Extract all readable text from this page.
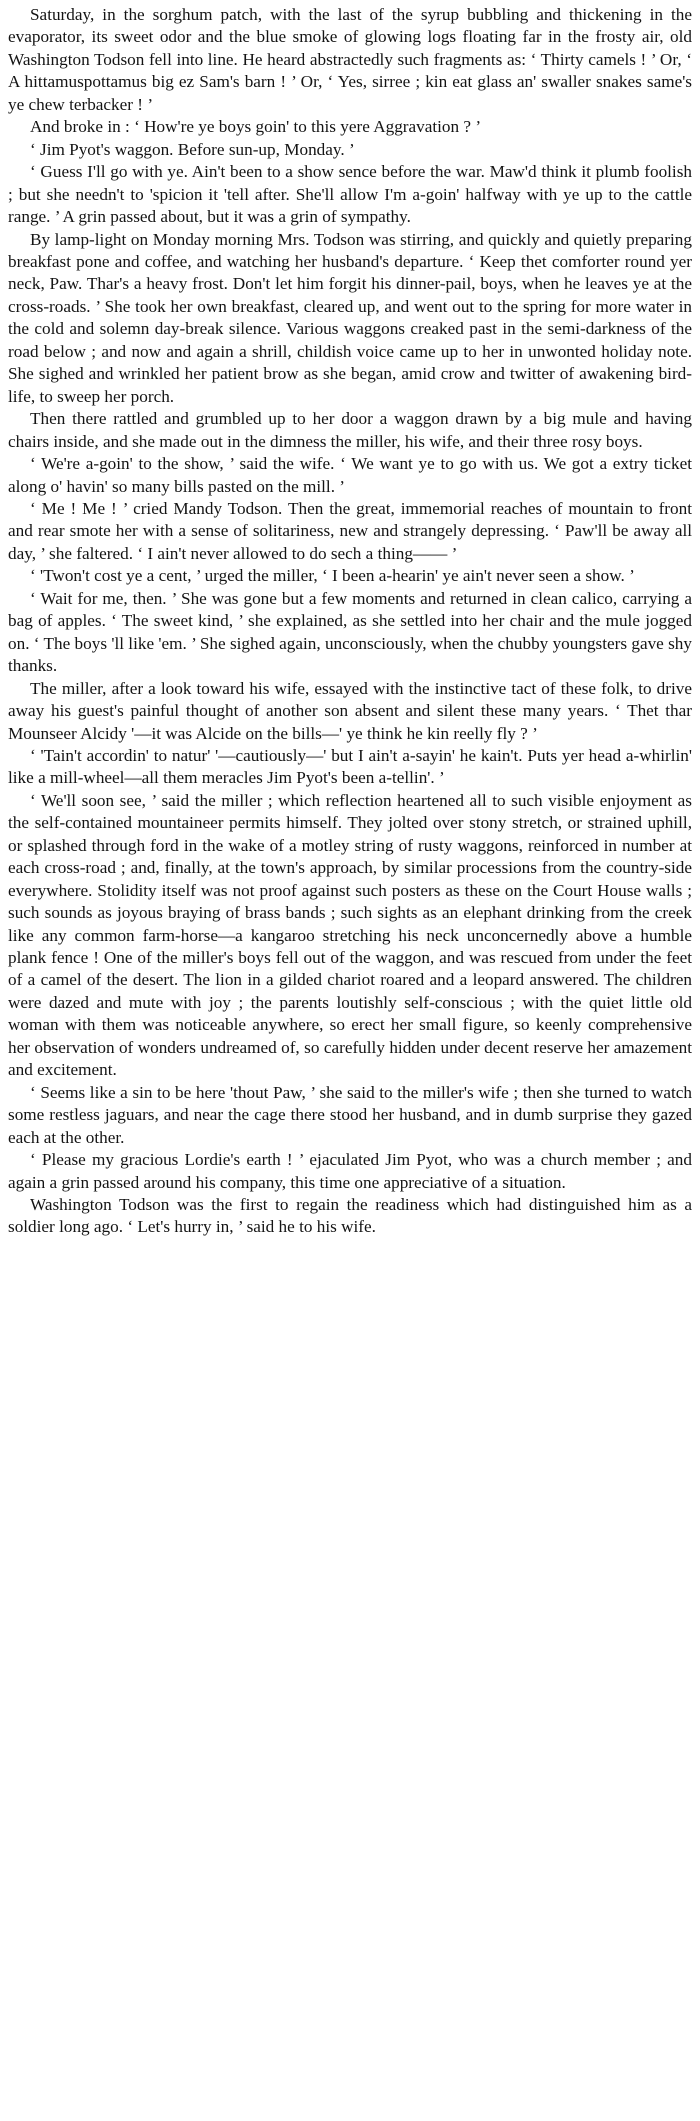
Saturday, in the sorghum patch, with the last of the syrup bubbling and thickening in the evaporator, its sweet odor and the blue smoke of glowing logs floating far in the frosty air, old Washington Todson fell into line. He heard abstractedly such fragments as: ‘ Thirty camels ! ’ Or, ‘ A hittamuspottamus big ez Sam's barn ! ’ Or, ‘ Yes, sirree ; kin eat glass an' swaller snakes same's ye chew terbacker ! ’

And broke in : ‘ How're ye boys goin' to this yere Aggravation ? ’

‘ Jim Pyot's waggon. Before sun-up, Monday. ’

‘ Guess I'll go with ye. Ain't been to a show sence before the war. Maw'd think it plumb foolish ; but she needn't to 'spicion it 'tell after. She'll allow I'm a-goin' halfway with ye up to the cattle range. ’ A grin passed about, but it was a grin of sympathy.

By lamp-light on Monday morning Mrs. Todson was stirring, and quickly and quietly preparing breakfast pone and coffee, and watching her husband's departure. ‘ Keep thet comforter round yer neck, Paw. Thar's a heavy frost. Don't let him forgit his dinner-pail, boys, when he leaves ye at the cross-roads. ’ She took her own breakfast, cleared up, and went out to the spring for more water in the cold and solemn day-break silence. Various waggons creaked past in the semi-darkness of the road below ; and now and again a shrill, childish voice came up to her in unwonted holiday note. She sighed and wrinkled her patient brow as she began, amid crow and twitter of awakening bird-life, to sweep her porch.

Then there rattled and grumbled up to her door a waggon drawn by a big mule and having chairs inside, and she made out in the dimness the miller, his wife, and their three rosy boys.

‘ We're a-goin' to the show, ’ said the wife. ‘ We want ye to go with us. We got a extry ticket along o' havin' so many bills pasted on the mill. ’

‘ Me ! Me ! ’ cried Mandy Todson. Then the great, immemorial reaches of mountain to front and rear smote her with a sense of solitariness, new and strangely depressing. ‘ Paw'll be away all day, ’ she faltered. ‘ I ain't never allowed to do sech a thing—— ’

‘ 'Twon't cost ye a cent, ’ urged the miller, ‘ I been a-hearin' ye ain't never seen a show. ’

‘ Wait for me, then. ’ She was gone but a few moments and returned in clean calico, carrying a bag of apples. ‘ The sweet kind, ’ she explained, as she settled into her chair and the mule jogged on. ‘ The boys 'll like 'em. ’ She sighed again, unconsciously, when the chubby youngsters gave shy thanks.

The miller, after a look toward his wife, essayed with the instinctive tact of these folk, to drive away his guest's painful thought of another son absent and silent these many years. ‘ Thet thar Mounseer Alcidy '—it was Alcide on the bills—' ye think he kin reelly fly ? ’

‘ 'Tain't accordin' to natur' '—cautiously—' but I ain't a-sayin' he kain't. Puts yer head a-whirlin' like a mill-wheel—all them meracles Jim Pyot's been a-tellin'. ’

‘ We'll soon see, ’ said the miller ; which reflection heartened all to such visible enjoyment as the self-contained mountaineer permits himself. They jolted over stony stretch, or strained uphill, or splashed through ford in the wake of a motley string of rusty waggons, reinforced in number at each cross-road ; and, finally, at the town's approach, by similar processions from the country-side everywhere. Stolidity itself was not proof against such posters as these on the Court House walls ; such sounds as joyous braying of brass bands ; such sights as an elephant drinking from the creek like any common farm-horse—a kangaroo stretching his neck unconcernedly above a humble plank fence ! One of the miller's boys fell out of the waggon, and was rescued from under the feet of a camel of the desert. The lion in a gilded chariot roared and a leopard answered. The children were dazed and mute with joy ; the parents loutishly self-conscious ; with the quiet little old woman with them was noticeable anywhere, so erect her small figure, so keenly comprehensive her observation of wonders undreamed of, so carefully hidden under decent reserve her amazement and excitement.

‘ Seems like a sin to be here 'thout Paw, ’ she said to the miller's wife ; then she turned to watch some restless jaguars, and near the cage there stood her husband, and in dumb surprise they gazed each at the other.

‘ Please my gracious Lordie's earth ! ’ ejaculated Jim Pyot, who was a church member ; and again a grin passed around his company, this time one appreciative of a situation.

Washington Todson was the first to regain the readiness which had distinguished him as a soldier long ago. ‘ Let's hurry in, ’ said he to his wife.
